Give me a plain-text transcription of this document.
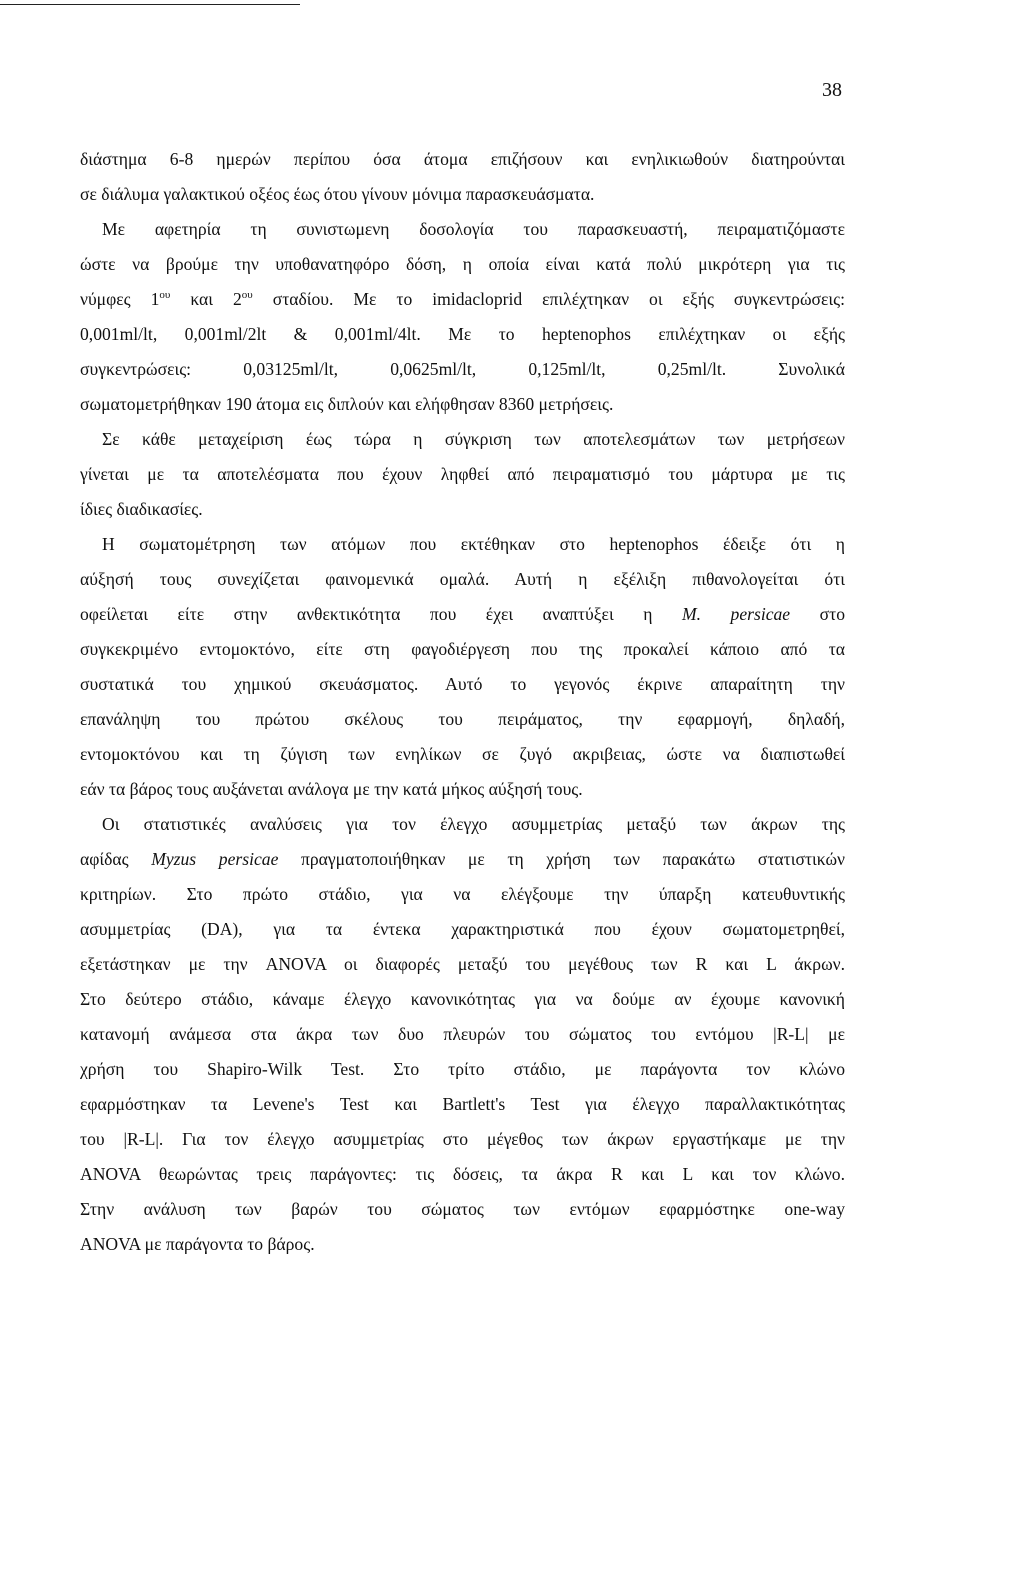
38
διάστημα 6-8 ημερών περίπου όσα άτομα επιζήσουν και ενηλικιωθούν διατηρούνται
σε διάλυμα γαλακτικού οξέος έως ότου γίνουν μόνιμα παρασκευάσματα.
Με αφετηρία τη συνιστωμενη δοσολογία του παρασκευαστή, πειραματιζόμαστε
ώστε να βρούμε την υποθανατηφόρο δόση, η οποία είναι κατά πολύ μικρότερη για τις
νύμφες $1^{o\upsilon}$ και $2^{o\upsilon}$ σταδίου. Με το imidacloprid επιλέχτηκαν οι εξής συγκεντρώσεις:
0,001ml/lt, 0,001ml/2lt & 0,001ml/4lt. Με το heptenophos επιλέχτηκαν οι εξής
συγκεντρώσεις: 0,03125ml/lt, 0,0625ml/lt, 0,125ml/lt, 0,25ml/lt. Συνολικά
σωματομετρήθηκαν 190 άτομα εις διπλούν και ελήφθησαν 8360 μετρήσεις.
Σε κάθε μεταχείριση έως τώρα η σύγκριση των αποτελεσμάτων των μετρήσεων
γίνεται με τα αποτελέσματα που έχουν ληφθεί από πειραματισμό του μάρτυρα με τις
ίδιες διαδικασίες.
Η σωματομέτρηση των ατόμων που εκτέθηκαν στο heptenophos έδειξε ότι η
αύξησή τους συνεχίζεται φαινομενικά ομαλά. Αυτή η εξέλιξη πιθανολογείται ότι
οφείλεται είτε στην ανθεκτικότητα που έχει αναπτύξει η M. persicae στο
συγκεκριμένο εντομοκτόνο, είτε στη φαγοδιέργεση που της προκαλεί κάποιο από τα
συστατικά του χημικού σκευάσματος. Αυτό το γεγονός έκρινε απαραίτητη την
επανάληψη του πρώτου σκέλους του πειράματος, την εφαρμογή, δηλαδή,
εντομοκτόνου και τη ζύγιση των ενηλίκων σε ζυγό ακριβειας, ώστε να διαπιστωθεί
εάν τα βάρος τους αυξάνεται ανάλογα με την κατά μήκος αύξησή τους.
Οι στατιστικές αναλύσεις για τον έλεγχο ασυμμετρίας μεταξύ των άκρων της
αφίδας Myzus persicae πραγματοποιήθηκαν με τη χρήση των παρακάτω στατιστικών
κριτηρίων. Στο πρώτο στάδιο, για να ελέγξουμε την ύπαρξη κατευθυντικής
ασυμμετρίας (DA), για τα έντεκα χαρακτηριστικά που έχουν σωματομετρηθεί,
εξετάστηκαν με την ANOVA οι διαφορές μεταξύ του μεγέθους των R και L άκρων.
Στο δεύτερο στάδιο, κάναμε έλεγχο κανονικότητας για να δούμε αν έχουμε κανονική
κατανομή ανάμεσα στα άκρα των δυο πλευρών του σώματος του εντόμου |R-L| με
χρήση του Shapiro-Wilk Test. Στο τρίτο στάδιο, με παράγοντα τον κλώνο
εφαρμόστηκαν τα Levene's Test και Bartlett's Test για έλεγχο παραλλακτικότητας
του |R-L|. Για τον έλεγχο ασυμμετρίας στο μέγεθος των άκρων εργαστήκαμε με την
ANOVA θεωρώντας τρεις παράγοντες: τις δόσεις, τα άκρα R και L και τον κλώνο.
Στην ανάλυση των βαρών του σώματος των εντόμων εφαρμόστηκε one-way
ANOVA με παράγοντα το βάρος.
